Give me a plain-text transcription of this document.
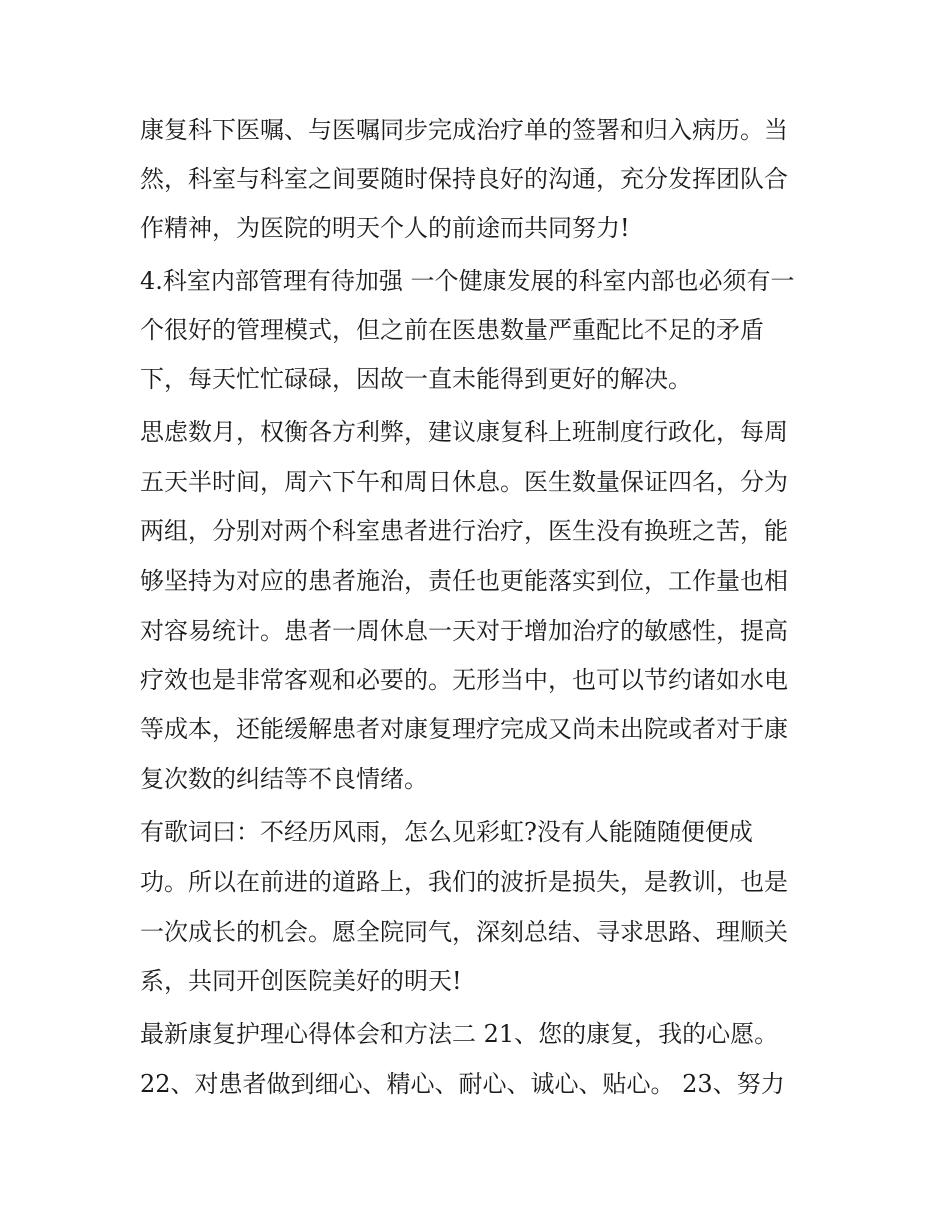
康复科下医嘱、与医嘱同步完成治疗单的签署和归入病历。当
然，科室与科室之间要随时保持良好的沟通，充分发挥团队合
作精神，为医院的明天个人的前途而共同努力!
4.科室内部管理有待加强 一个健康发展的科室内部也必须有一
个很好的管理模式，但之前在医患数量严重配比不足的矛盾
下，每天忙忙碌碌，因故一直未能得到更好的解决。
思虑数月，权衡各方利弊，建议康复科上班制度行政化，每周
五天半时间，周六下午和周日休息。医生数量保证四名，分为
两组，分别对两个科室患者进行治疗，医生没有换班之苦，能
够坚持为对应的患者施治，责任也更能落实到位，工作量也相
对容易统计。患者一周休息一天对于增加治疗的敏感性，提高
疗效也是非常客观和必要的。无形当中，也可以节约诸如水电
等成本，还能缓解患者对康复理疗完成又尚未出院或者对于康
复次数的纠结等不良情绪。
有歌词曰：不经历风雨，怎么见彩虹?没有人能随随便便成
功。所以在前进的道路上，我们的波折是损失，是教训，也是
一次成长的机会。愿全院同气，深刻总结、寻求思路、理顺关
系，共同开创医院美好的明天!
最新康复护理心得体会和方法二 21、您的康复，我的心愿。
22、对患者做到细心、精心、耐心、诚心、贴心。 23、努力
